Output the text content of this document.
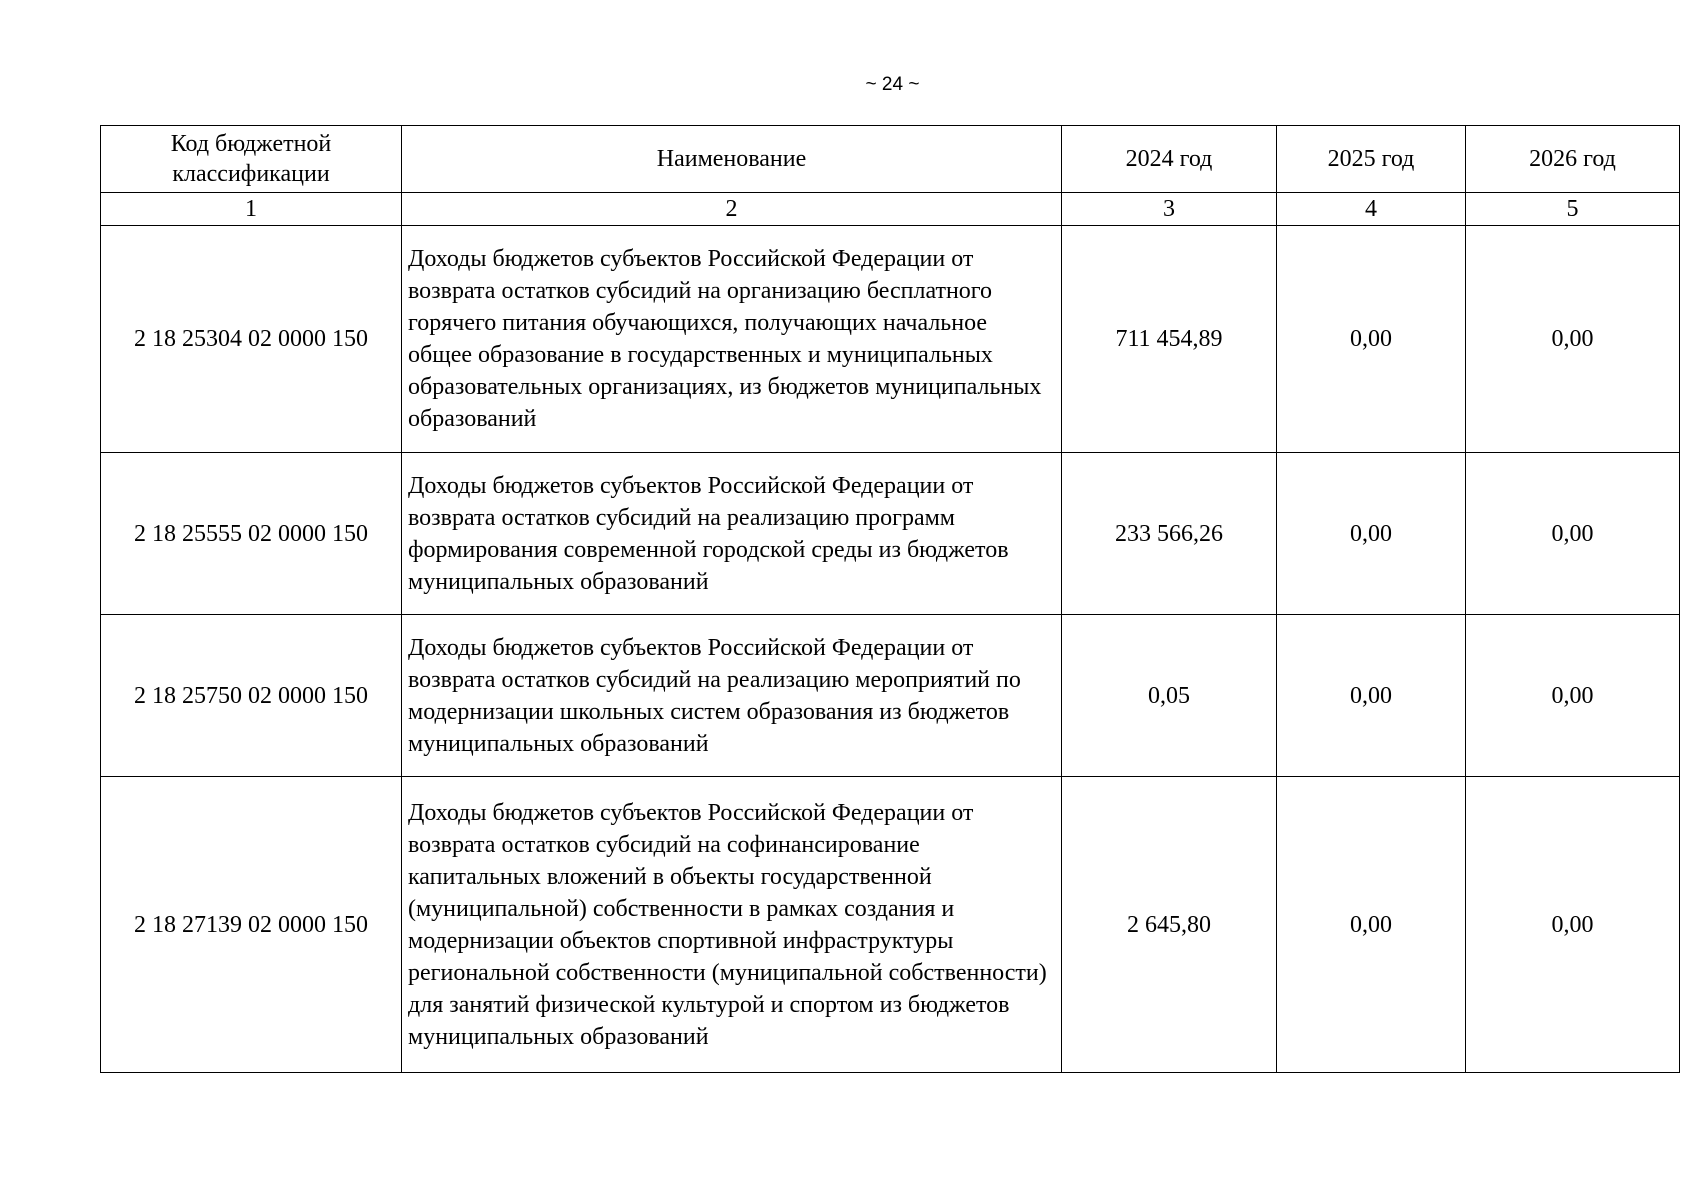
~ 24 ~
Код бюджетной классификации	Наименование	2024 год	2025 год	2026 год
1	2	3	4	5
2 18 25304 02 0000 150	Доходы бюджетов субъектов Российской Федерации от возврата остатков субсидий на организацию бесплатного горячего питания обучающихся, получающих начальное общее образование в государственных и муниципальных образовательных организациях, из бюджетов муниципальных образований	711 454,89	0,00	0,00
2 18 25555 02 0000 150	Доходы бюджетов субъектов Российской Федерации от возврата остатков субсидий на реализацию программ формирования современной городской среды из бюджетов муниципальных образований	233 566,26	0,00	0,00
2 18 25750 02 0000 150	Доходы бюджетов субъектов Российской Федерации от возврата остатков субсидий на реализацию мероприятий по модернизации школьных систем образования из бюджетов муниципальных образований	0,05	0,00	0,00
2 18 27139 02 0000 150	Доходы бюджетов субъектов Российской Федерации от возврата остатков субсидий на софинансирование капитальных вложений в объекты государственной (муниципальной) собственности в рамках создания и модернизации объектов спортивной инфраструктуры региональной собственности (муниципальной собственности) для занятий физической культурой и спортом из бюджетов муниципальных образований	2 645,80	0,00	0,00
